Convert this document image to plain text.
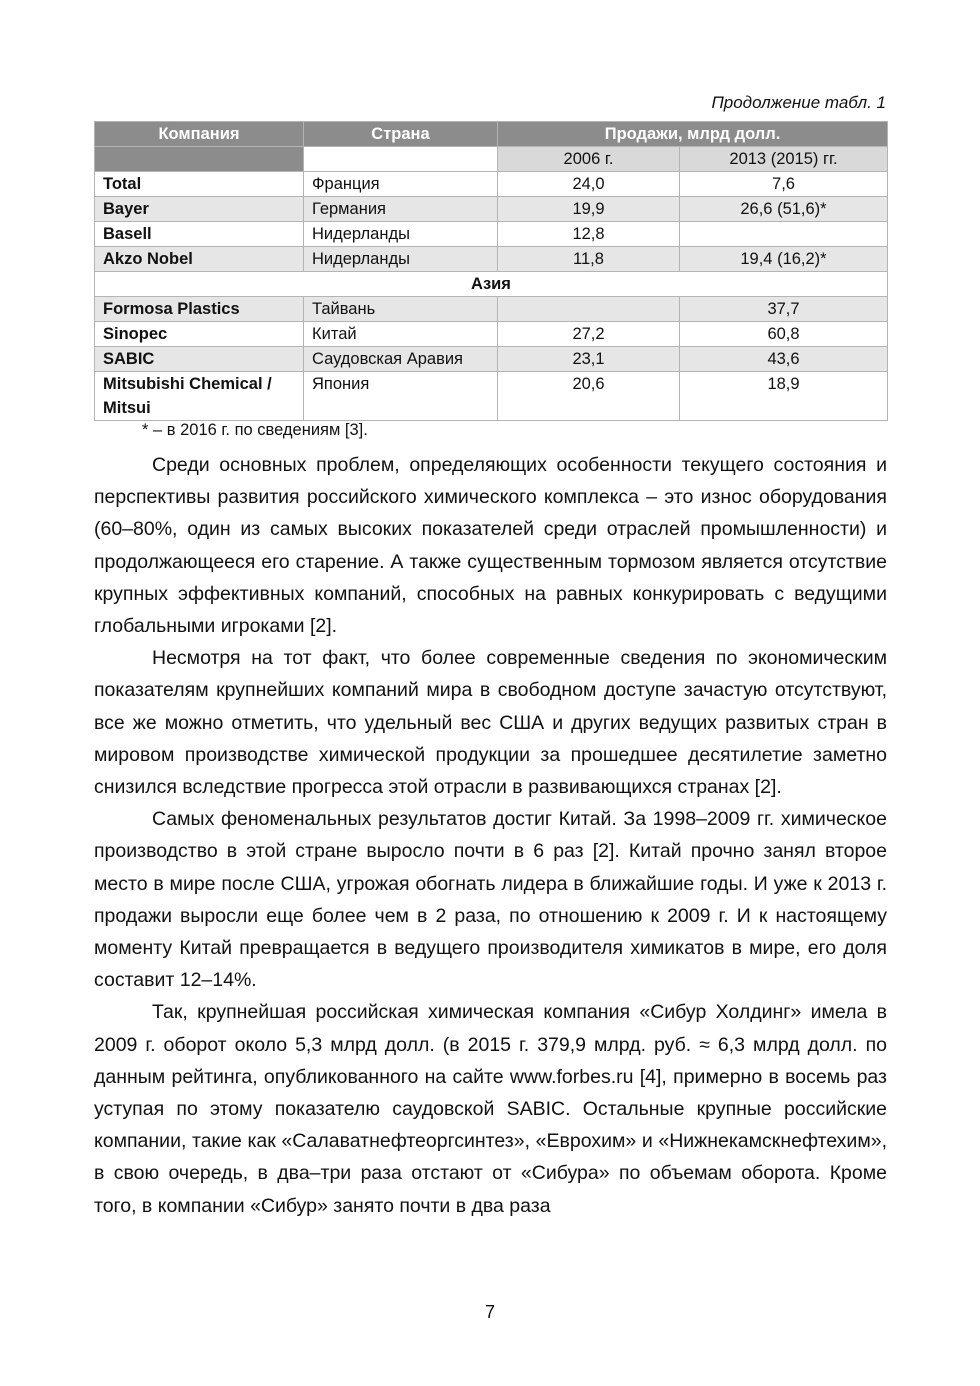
Продолжение табл. 1
Компания	Страна	Продажи, млрд долл.	
		2006 г.	2013 (2015) гг.
Total	Франция	24,0	7,6
Bayer	Германия	19,9	26,6 (51,6)*
Basell	Нидерланды	12,8	
Akzo Nobel	Нидерланды	11,8	19,4 (16,2)*
Азия			
Formosa Plastics	Тайвань		37,7
Sinopec	Китай	27,2	60,8
SABIC	Саудовская Аравия	23,1	43,6
Mitsubishi Chemical / Mitsui	Япония	20,6	18,9
* – в 2016 г. по сведениям [3].

Среди основных проблем, определяющих особенности текущего состояния и перспективы развития российского химического комплекса – это износ оборудования (60–80%, один из самых высоких показателей среди отраслей промышленности) и продолжающееся его старение. А также существенным тормозом является отсутствие крупных эффективных компаний, способных на равных конкурировать с ведущими глобальными игроками [2].

Несмотря на тот факт, что более современные сведения по экономическим показателям крупнейших компаний мира в свободном доступе зачастую отсутствуют, все же можно отметить, что удельный вес США и других ведущих развитых стран в мировом производстве химической продукции за прошедшее десятилетие заметно снизился вследствие прогресса этой отрасли в развивающихся странах [2].

Самых феноменальных результатов достиг Китай. За 1998–2009 гг. химическое производство в этой стране выросло почти в 6 раз [2]. Китай прочно занял второе место в мире после США, угрожая обогнать лидера в ближайшие годы. И уже к 2013 г. продажи выросли еще более чем в 2 раза, по отношению к 2009 г. И к настоящему моменту Китай превращается в ведущего производителя химикатов в мире, его доля составит 12–14%.

Так, крупнейшая российская химическая компания «Сибур Холдинг» имела в 2009 г. оборот около 5,3 млрд долл. (в 2015 г. 379,9 млрд. руб. ≈ 6,3 млрд долл. по данным рейтинга, опубликованного на сайте www.forbes.ru [4], примерно в восемь раз уступая по этому показателю саудовской SABIC. Остальные крупные российские компании, такие как «Салаватнефтеоргсинтез», «Еврохим» и «Нижнекамскнефтехим», в свою очередь, в два–три раза отстают от «Сибура» по объемам оборота. Кроме того, в компании «Сибур» занято почти в два раза

7
